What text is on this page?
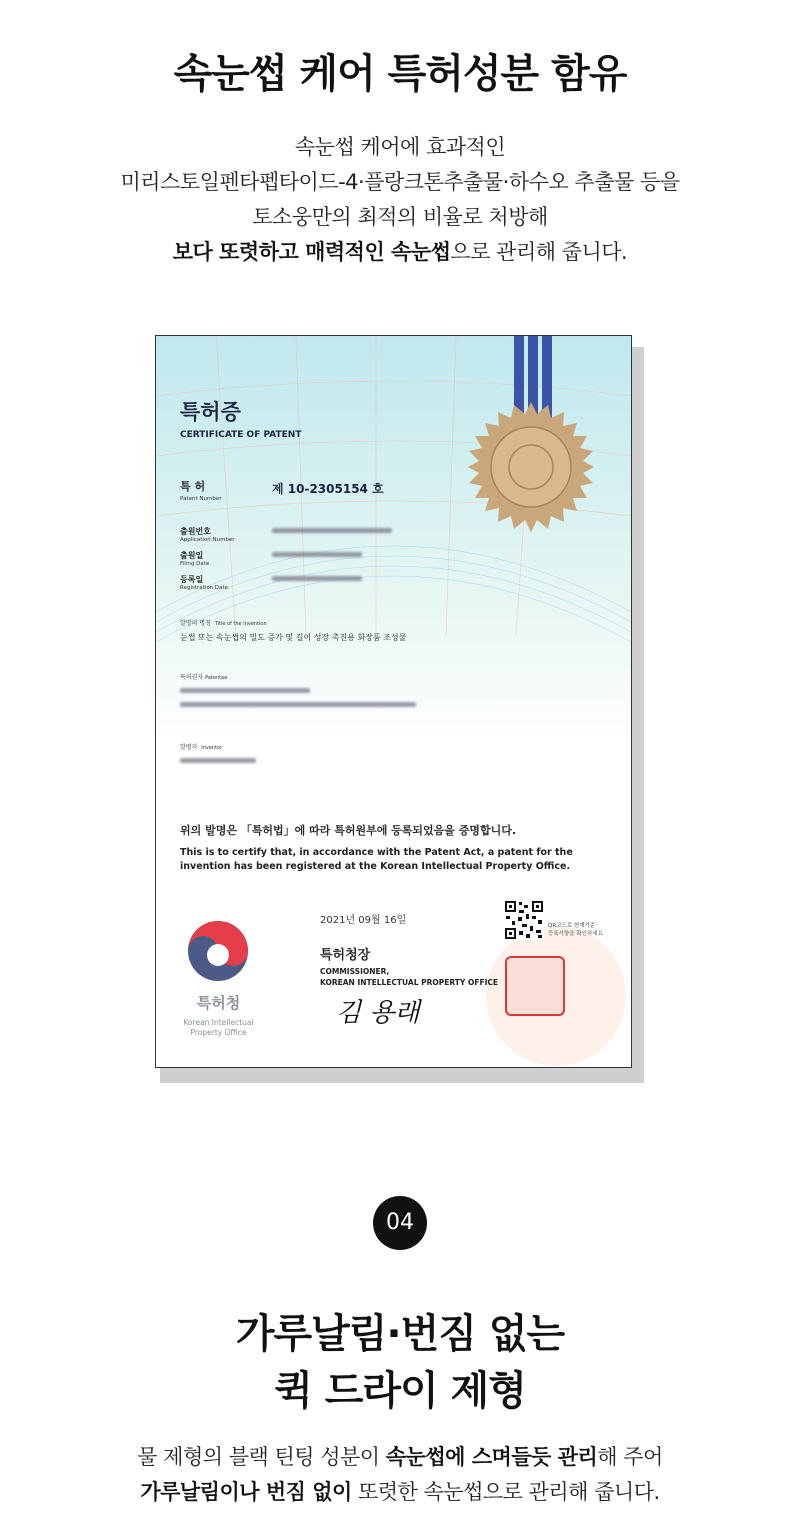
속눈썹 케어 특허성분 함유
속눈썹 케어에 효과적인
미리스토일펜타펩타이드-4·플랑크톤추출물·하수오 추출물 등을
토소웅만의 최적의 비율로 처방해
보다 또렷하고 매력적인 속눈썹으로 관리해 줍니다.
특허증
CERTIFICATE OF PATENT
특 허
Patent Number
제 10-2305154 호
출원번호
Application Number
출원일
Filing Date
등록일
Registration Date
발명의 명칭 Title of the Invention
눈썹 또는 속눈썹의 밀도 증가 및 길이 성장 촉진용 화장품 조성물
특허권자 Patentee
발명자 Inventor
위의 발명은 「특허법」에 따라 특허원부에 등록되었음을 증명합니다.
This is to certify that, in accordance with the Patent Act, a patent for the invention has been registered at the Korean Intellectual Property Office.
2021년 09월 16일	QR코드로 현재기준
등록사항을 확인하세요
특허청
Korean Intellectual
Property Office
특허청장
COMMISSIONER,
KOREAN INTELLECTUAL PROPERTY OFFICE
김 용래
04
가루날림·번짐 없는
퀵 드라이 제형
물 제형의 블랙 틴팅 성분이 속눈썹에 스며들듯 관리해 주어
가루날림이나 번짐 없이 또렷한 속눈썹으로 관리해 줍니다.
